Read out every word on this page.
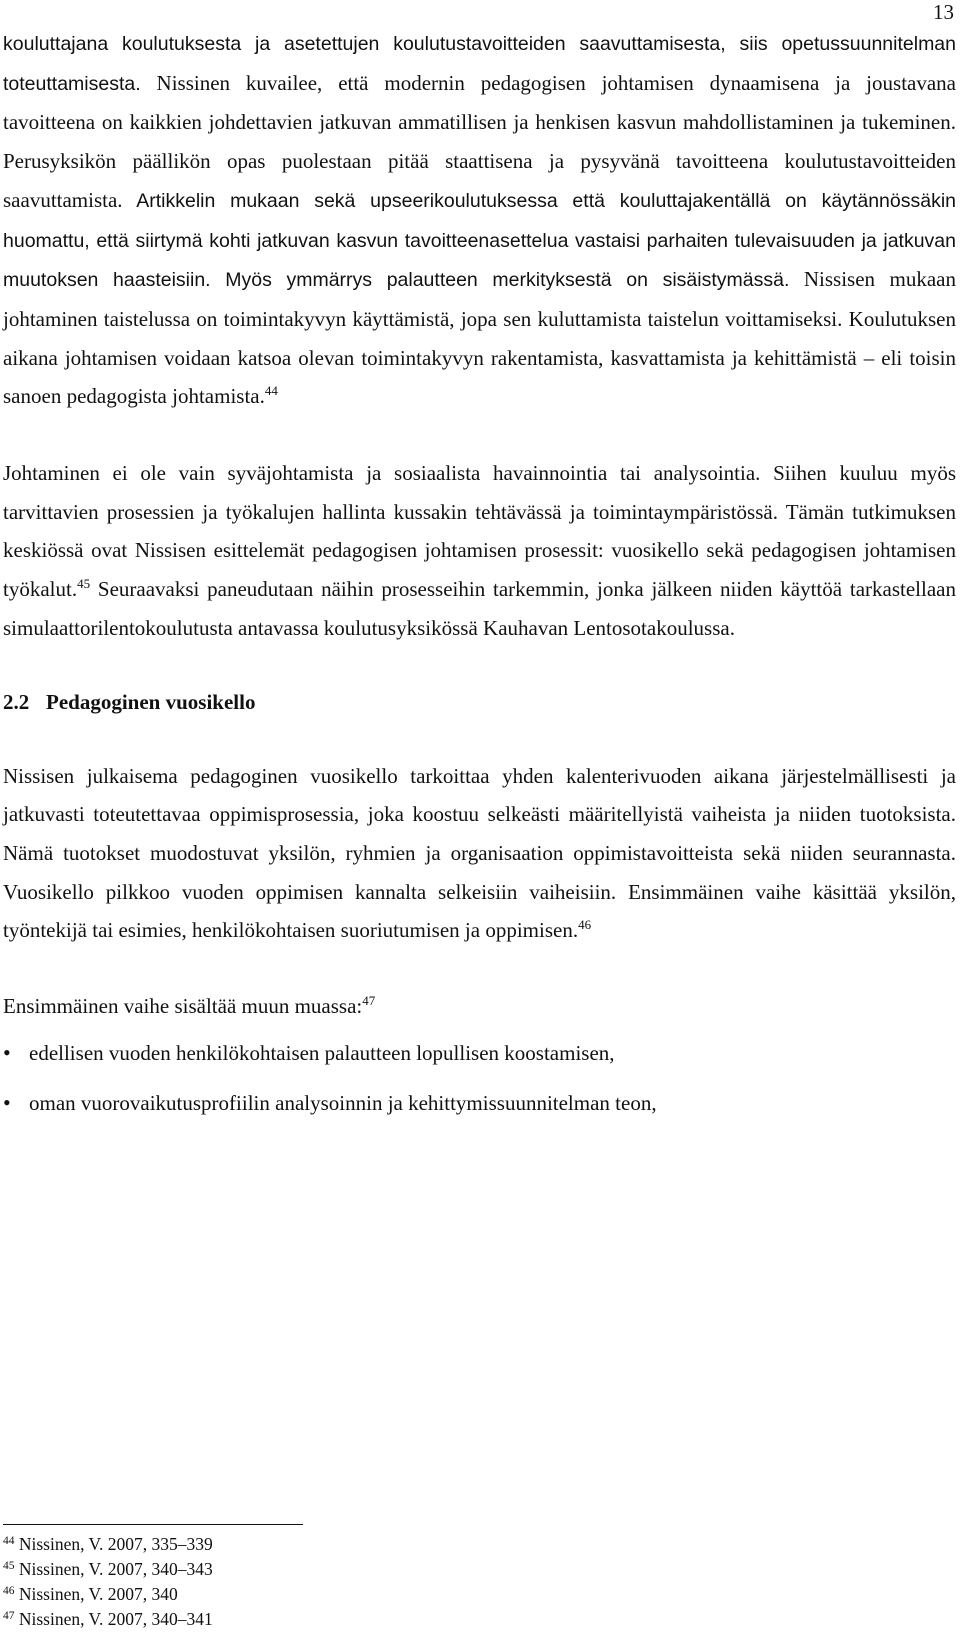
13

kouluttajana koulutuksesta ja asetettujen koulutustavoitteiden saavuttamisesta, siis opetussuunnitelman toteuttamisesta. Nissinen kuvailee, että modernin pedagogisen johtamisen dynaamisena ja joustavana tavoitteena on kaikkien johdettavien jatkuvan ammatillisen ja henkisen kasvun mahdollistaminen ja tukeminen. Perusyksikön päällikön opas puolestaan pitää staattisena ja pysyvänä tavoitteena koulutustavoitteiden saavuttamista. Artikkelin mukaan sekä upseerikoulutuksessa että kouluttajakentällä on käytännössäkin huomattu, että siirtymä kohti jatkuvan kasvun tavoitteenasettelua vastaisi parhaiten tulevaisuuden ja jatkuvan muutoksen haasteisiin. Myös ymmärrys palautteen merkityksestä on sisäistymässä. Nissisen mukaan johtaminen taistelussa on toimintakyvyn käyttämistä, jopa sen kuluttamista taistelun voittamiseksi. Koulutuksen aikana johtamisen voidaan katsoa olevan toimintakyvyn rakentamista, kasvattamista ja kehittämistä – eli toisin sanoen pedagogista johtamista.$^{44}$

Johtaminen ei ole vain syväjohtamista ja sosiaalista havainnointia tai analysointia. Siihen kuuluu myös tarvittavien prosessien ja työkalujen hallinta kussakin tehtävässä ja toimintaympäristössä. Tämän tutkimuksen keskiössä ovat Nissisen esittelemät pedagogisen johtamisen prosessit: vuosikello sekä pedagogisen johtamisen työkalut.$^{45}$ Seuraavaksi paneudutaan näihin prosesseihin tarkemmin, jonka jälkeen niiden käyttöä tarkastellaan simulaattorilentokoulutusta antavassa koulutusyksikössä Kauhavan Lentosotakoulussa.

2.2 Pedagoginen vuosikello

Nissisen julkaisema pedagoginen vuosikello tarkoittaa yhden kalenterivuoden aikana järjestelmällisesti ja jatkuvasti toteutettavaa oppimisprosessia, joka koostuu selkeästi määritellyistä vaiheista ja niiden tuotoksista. Nämä tuotokset muodostuvat yksilön, ryhmien ja organisaation oppimistavoitteista sekä niiden seurannasta. Vuosikello pilkkoo vuoden oppimisen kannalta selkeisiin vaiheisiin. Ensimmäinen vaihe käsittää yksilön, työntekijä tai esimies, henkilökohtaisen suoriutumisen ja oppimisen.$^{46}$

Ensimmäinen vaihe sisältää muun muassa:$^{47}$

• edellisen vuoden henkilökohtaisen palautteen lopullisen koostamisen,
• oman vuorovaikutusprofiilin analysoinnin ja kehittymissuunnitelman teon,
$^{44}$ Nissinen, V. 2007, 335–339
$^{45}$ Nissinen, V. 2007, 340–343
$^{46}$ Nissinen, V. 2007, 340
$^{47}$ Nissinen, V. 2007, 340–341
